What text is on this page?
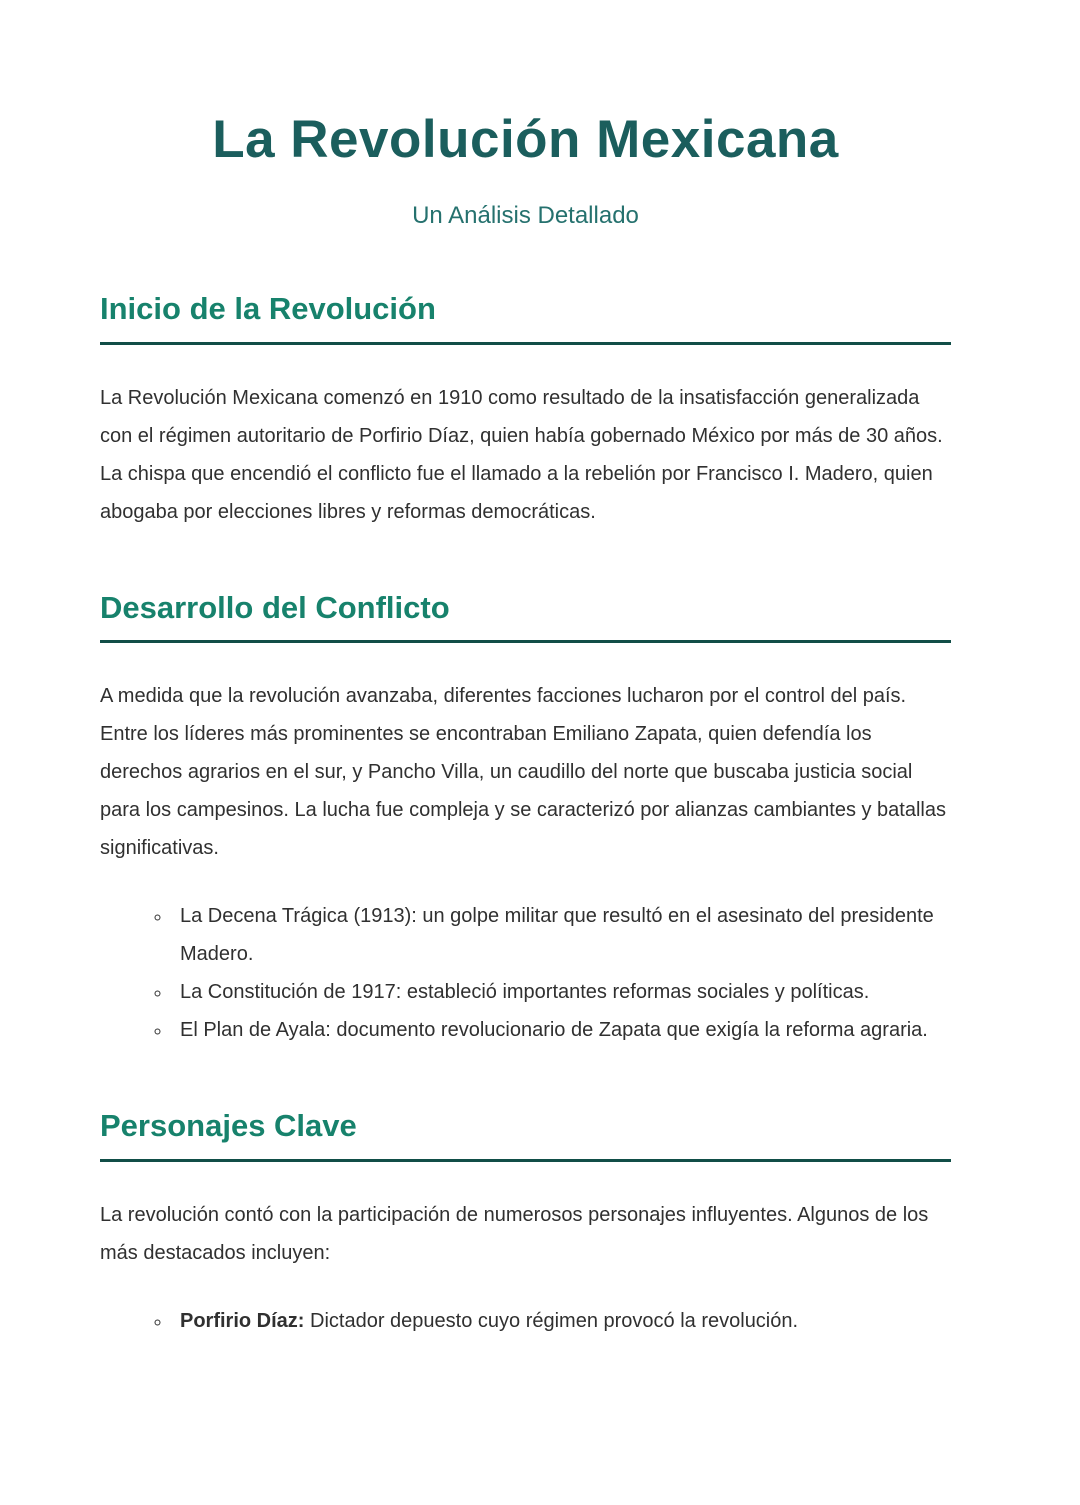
La Revolución Mexicana
Un Análisis Detallado
Inicio de la Revolución

La Revolución Mexicana comenzó en 1910 como resultado de la insatisfacción generalizada con el régimen autoritario de Porfirio Díaz, quien había gobernado México por más de 30 años. La chispa que encendió el conflicto fue el llamado a la rebelión por Francisco I. Madero, quien abogaba por elecciones libres y reformas democráticas.

Desarrollo del Conflicto

A medida que la revolución avanzaba, diferentes facciones lucharon por el control del país. Entre los líderes más prominentes se encontraban Emiliano Zapata, quien defendía los derechos agrarios en el sur, y Pancho Villa, un caudillo del norte que buscaba justicia social para los campesinos. La lucha fue compleja y se caracterizó por alianzas cambiantes y batallas significativas.

◦ La Decena Trágica (1913): un golpe militar que resultó en el asesinato del presidente Madero.
◦ La Constitución de 1917: estableció importantes reformas sociales y políticas.
◦ El Plan de Ayala: documento revolucionario de Zapata que exigía la reforma agraria.
Personajes Clave

La revolución contó con la participación de numerosos personajes influyentes. Algunos de los más destacados incluyen:

◦ Porfirio Díaz: Dictador depuesto cuyo régimen provocó la revolución.
